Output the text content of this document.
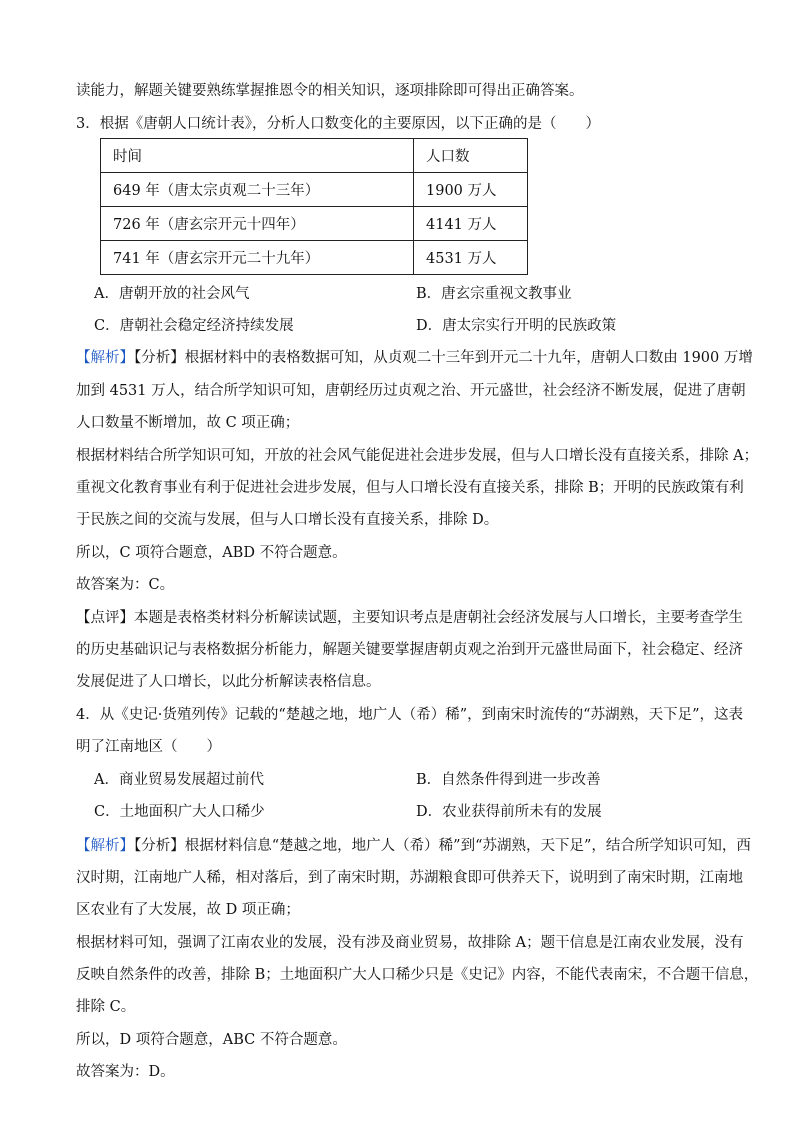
读能力，解题关键要熟练掌握推恩令的相关知识，逐项排除即可得出正确答案。
3．根据《唐朝人口统计表》，分析人口数变化的主要原因，以下正确的是（　　）
时间	人口数
649 年（唐太宗贞观二十三年）	1900 万人
726 年（唐玄宗开元十四年）	4141 万人
741 年（唐玄宗开元二十九年）	4531 万人
A．唐朝开放的社会风气	B．唐玄宗重视文教事业
C．唐朝社会稳定经济持续发展	D．唐太宗实行开明的民族政策
【解析】【分析】根据材料中的表格数据可知，从贞观二十三年到开元二十九年，唐朝人口数由 1900 万增
加到 4531 万人，结合所学知识可知，唐朝经历过贞观之治、开元盛世，社会经济不断发展，促进了唐朝
人口数量不断增加，故 C 项正确；
根据材料结合所学知识可知，开放的社会风气能促进社会进步发展，但与人口增长没有直接关系，排除 A；
重视文化教育事业有利于促进社会进步发展，但与人口增长没有直接关系，排除 B；开明的民族政策有利
于民族之间的交流与发展，但与人口增长没有直接关系，排除 D。
所以，C 项符合题意，ABD 不符合题意。
故答案为：C。
【点评】本题是表格类材料分析解读试题，主要知识考点是唐朝社会经济发展与人口增长，主要考查学生
的历史基础识记与表格数据分析能力，解题关键要掌握唐朝贞观之治到开元盛世局面下，社会稳定、经济
发展促进了人口增长，以此分析解读表格信息。
4．从《史记·货殖列传》记载的“楚越之地，地广人（希）稀”，到南宋时流传的“苏湖熟，天下足”，这表
明了江南地区（　　）
A．商业贸易发展超过前代	B．自然条件得到进一步改善
C．土地面积广大人口稀少	D．农业获得前所未有的发展
【解析】【分析】根据材料信息“楚越之地，地广人（希）稀”到“苏湖熟，天下足”，结合所学知识可知，西
汉时期，江南地广人稀，相对落后，到了南宋时期，苏湖粮食即可供养天下，说明到了南宋时期，江南地
区农业有了大发展，故 D 项正确；
根据材料可知，强调了江南农业的发展，没有涉及商业贸易，故排除 A；题干信息是江南农业发展，没有
反映自然条件的改善，排除 B；土地面积广大人口稀少只是《史记》内容，不能代表南宋，不合题干信息，
排除 C。
所以，D 项符合题意，ABC 不符合题意。
故答案为：D。
